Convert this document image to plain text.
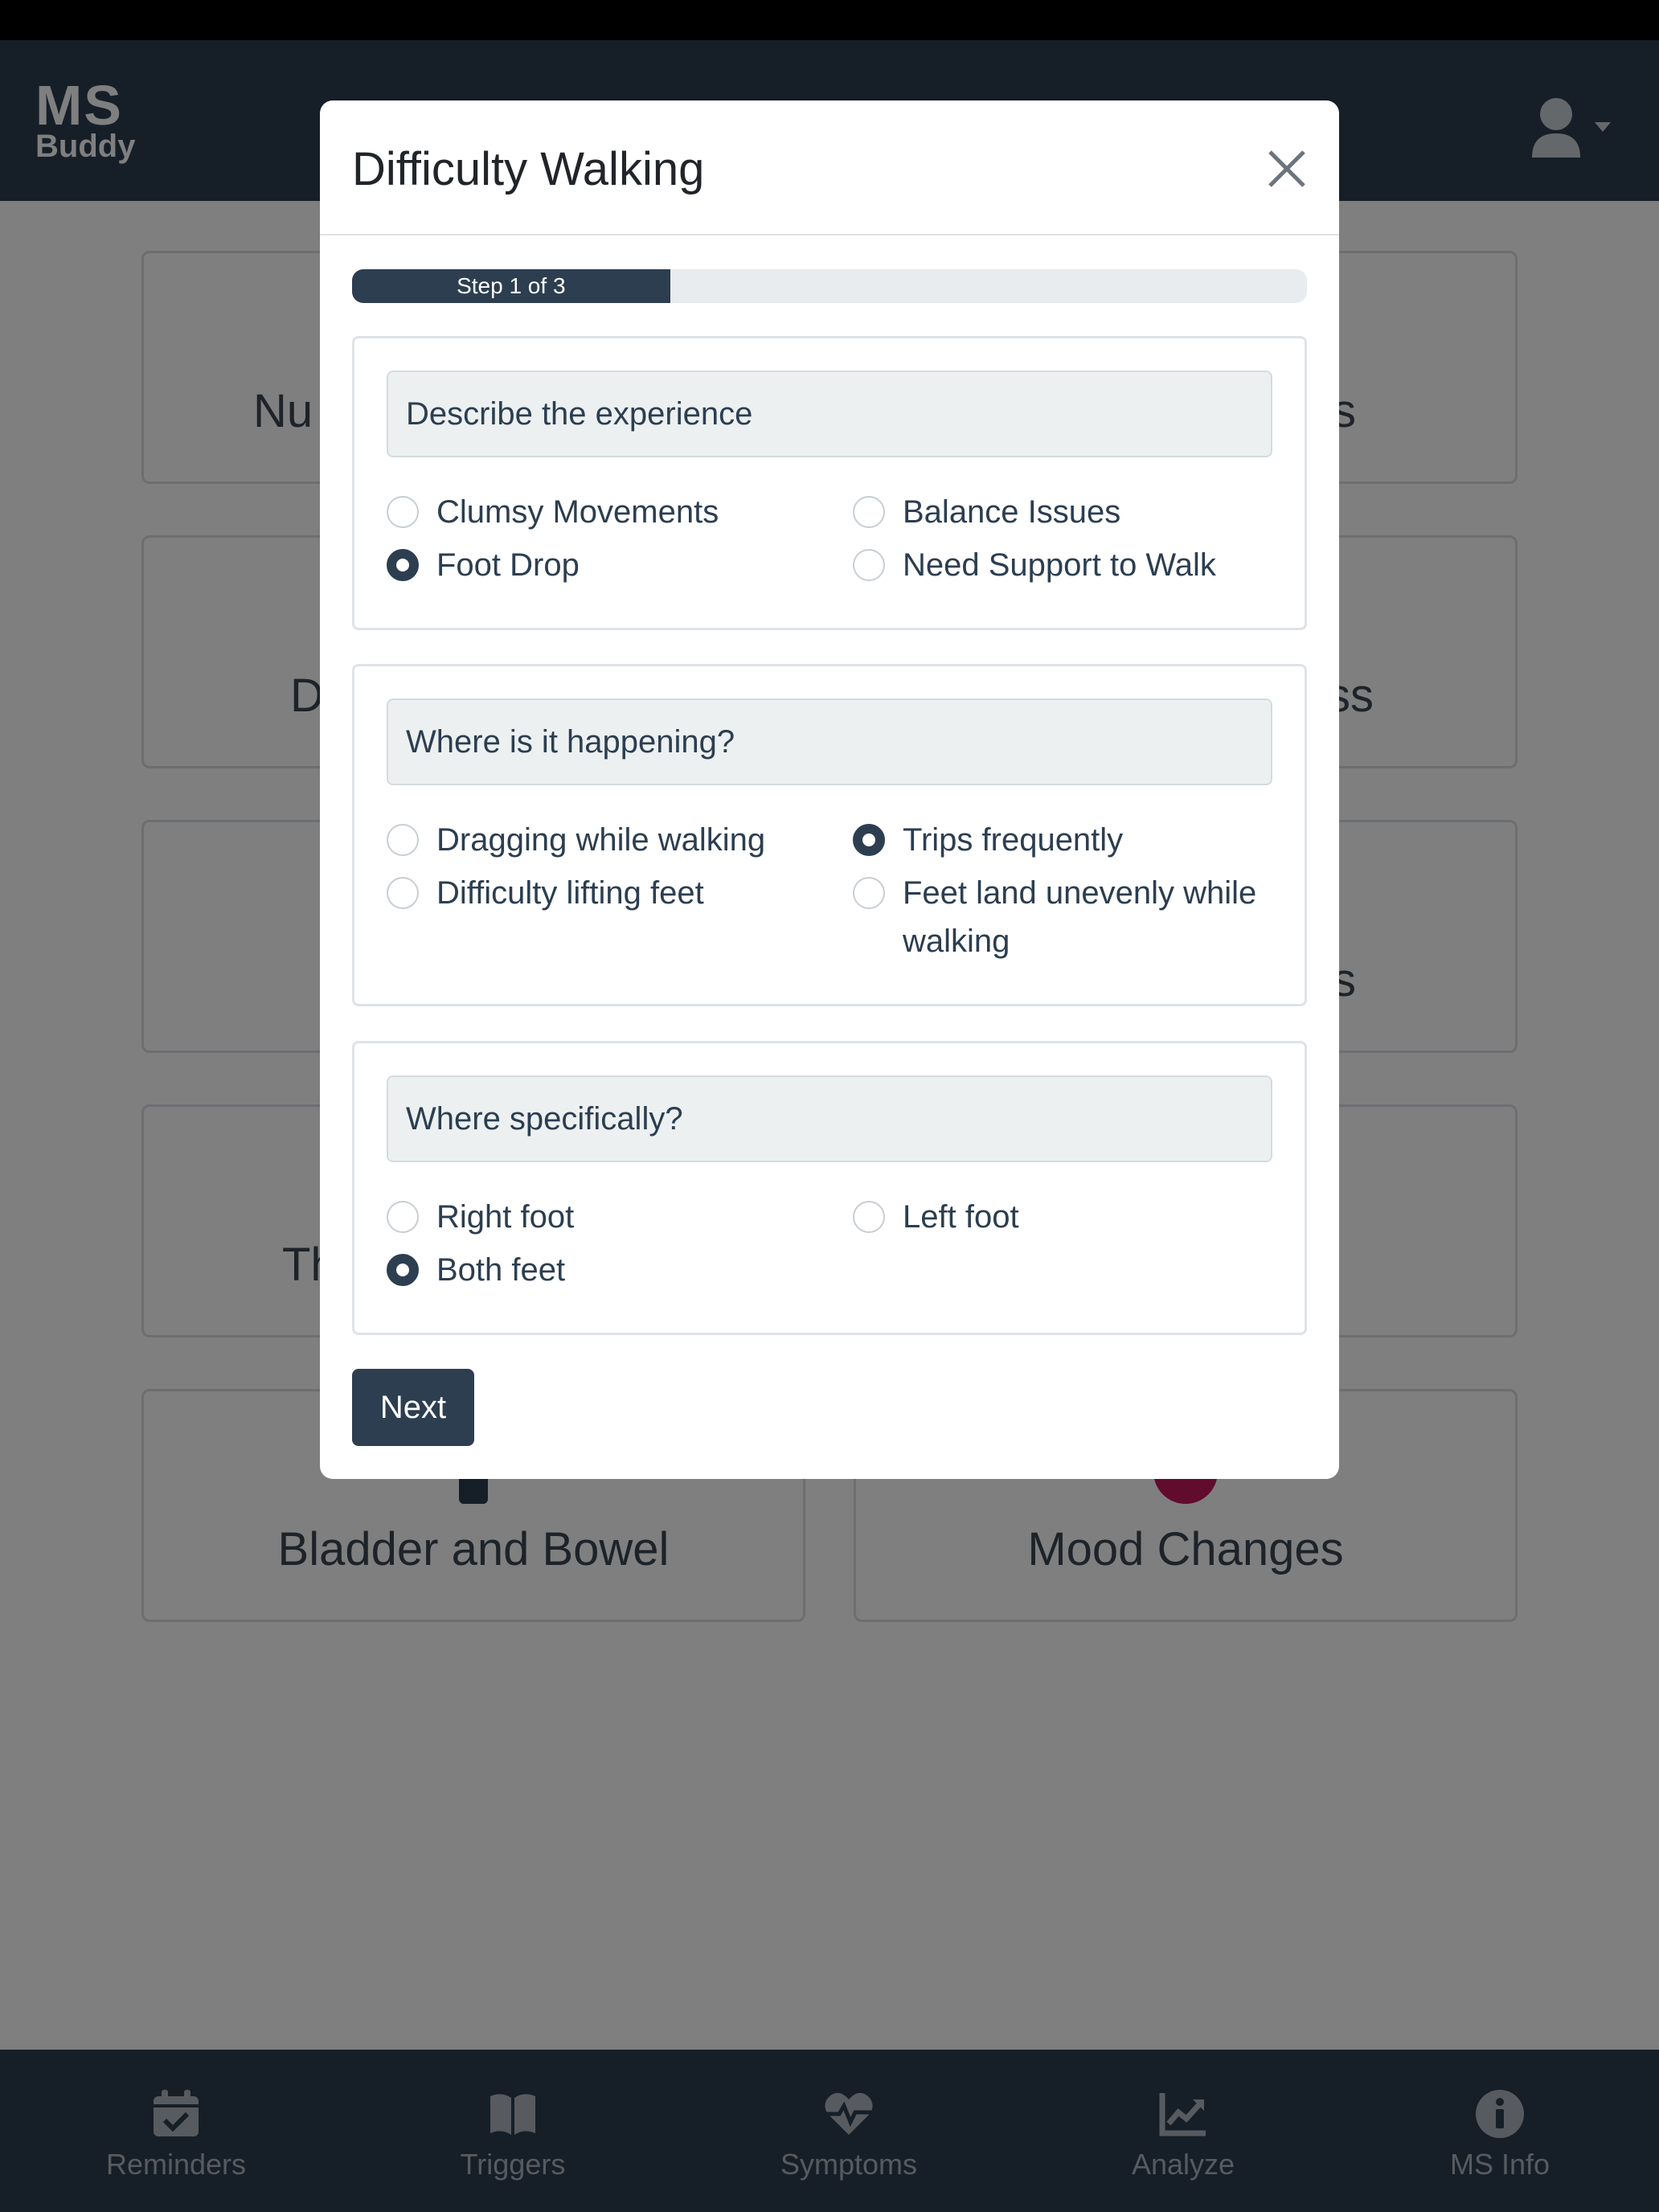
Difficulty Walking
Step 1 of 3
Describe the experience
Clumsy Movements	Balance Issues
Foot Drop	Need Support to Walk
Where is it happening?
Dragging while walking	Trips frequently
Difficulty lifting feet	Feet land unevenly while walking
Where specifically?
Right foot	Left foot
Both feet
Next
